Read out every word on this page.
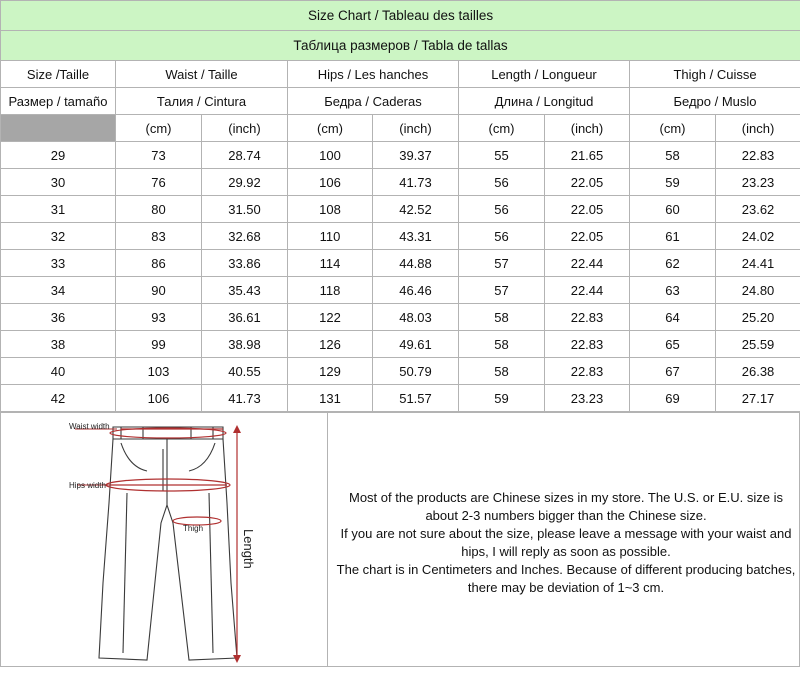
Size Chart / Tableau des tailles								
Таблица размеров / Tabla de tallas								
Size /Taille	Waist / Taille		Hips / Les hanches		Length / Longueur		Thigh / Cuisse	
Размер / tamaño	Талия / Cintura		Бедра / Caderas		Длина / Longitud		Бедро / Muslo	
	(cm)	(inch)	(cm)	(inch)	(cm)	(inch)	(cm)	(inch)
29	73	28.74	100	39.37	55	21.65	58	22.83
30	76	29.92	106	41.73	56	22.05	59	23.23
31	80	31.50	108	42.52	56	22.05	60	23.62
32	83	32.68	110	43.31	56	22.05	61	24.02
33	86	33.86	114	44.88	57	22.44	62	24.41
34	90	35.43	118	46.46	57	22.44	63	24.80
36	93	36.61	122	48.03	58	22.83	64	25.20
38	99	38.98	126	49.61	58	22.83	65	25.59
40	103	40.55	129	50.79	58	22.83	67	26.38
42	106	41.73	131	51.57	59	23.23	69	27.17
Waist width
Hips width
Thigh
Length

Most of the products are Chinese sizes in my store. The U.S. or E.U. size is about 2-3 numbers bigger than the Chinese size.

If you are not sure about the size, please leave a message with your waist and hips, I will reply as soon as possible.

The chart is in Centimeters and Inches. Because of different producing batches, there may be deviation of 1~3 cm.
